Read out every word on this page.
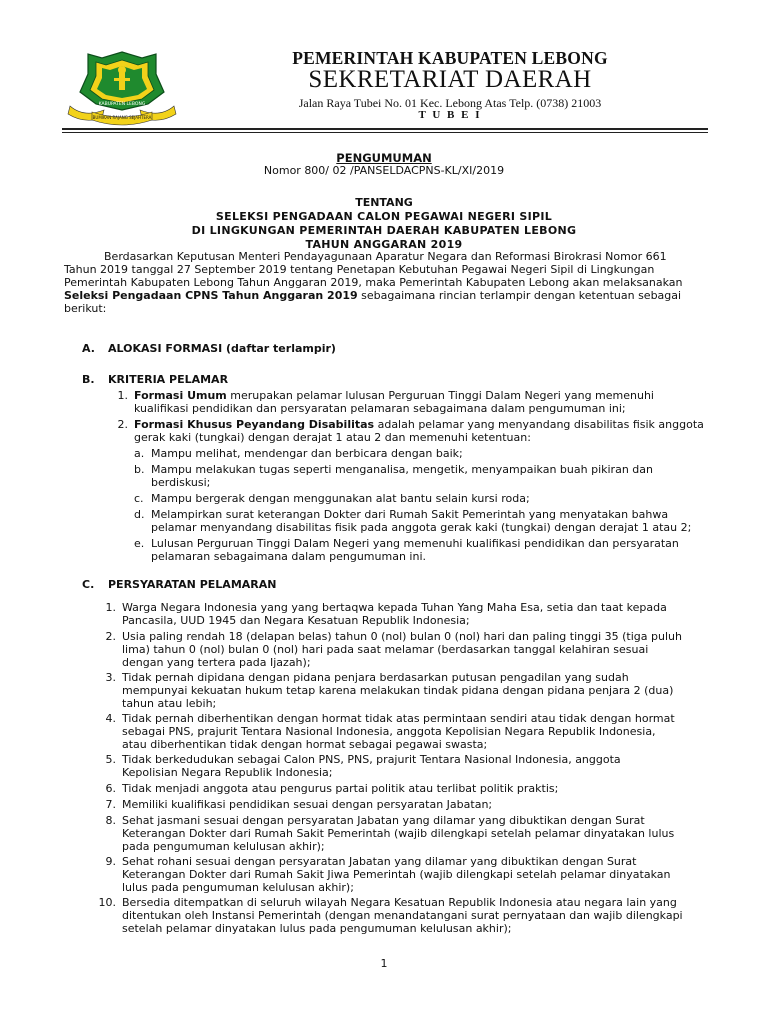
KABUPATEN LEBONG
BUMIKAN RAJANG SEJAHTERA
PEMERINTAH KABUPATEN LEBONG
SEKRETARIAT DAERAH
Jalan Raya Tubei No. 01 Kec. Lebong Atas Telp. (0738) 21003
T U B E I
PENGUMUMAN
Nomor 800/ 02 /PANSELDACPNS-KL/XI/2019
TENTANG
SELEKSI PENGADAAN CALON PEGAWAI NEGERI SIPIL
DI LINGKUNGAN PEMERINTAH DAERAH KABUPATEN LEBONG
TAHUN ANGGARAN 2019
Berdasarkan Keputusan Menteri Pendayagunaan Aparatur Negara dan Reformasi Birokrasi Nomor 661
Tahun 2019 tanggal 27 September 2019 tentang Penetapan Kebutuhan Pegawai Negeri Sipil di Lingkungan
Pemerintah Kabupaten Lebong Tahun Anggaran 2019, maka Pemerintah Kabupaten Lebong akan melaksanakan
Seleksi Pengadaan CPNS Tahun Anggaran 2019 sebagaimana rincian terlampir dengan ketentuan sebagai
berikut:
A. ALOKASI FORMASI (daftar terlampir)
B. KRITERIA PELAMAR
1. Formasi Umum merupakan pelamar lulusan Perguruan Tinggi Dalam Negeri yang memenuhi
kualifikasi pendidikan dan persyaratan pelamaran sebagaimana dalam pengumuman ini;
2. Formasi Khusus Peyandang Disabilitas adalah pelamar yang menyandang disabilitas fisik anggota
gerak kaki (tungkai) dengan derajat 1 atau 2 dan memenuhi ketentuan:
a. Mampu melihat, mendengar dan berbicara dengan baik;
b. Mampu melakukan tugas seperti menganalisa, mengetik, menyampaikan buah pikiran dan
berdiskusi;
c. Mampu bergerak dengan menggunakan alat bantu selain kursi roda;
d. Melampirkan surat keterangan Dokter dari Rumah Sakit Pemerintah yang menyatakan bahwa
pelamar menyandang disabilitas fisik pada anggota gerak kaki (tungkai) dengan derajat 1 atau 2;
e. Lulusan Perguruan Tinggi Dalam Negeri yang memenuhi kualifikasi pendidikan dan persyaratan
pelamaran sebagaimana dalam pengumuman ini.
C. PERSYARATAN PELAMARAN
1. Warga Negara Indonesia yang yang bertaqwa kepada Tuhan Yang Maha Esa, setia dan taat kepada
Pancasila, UUD 1945 dan Negara Kesatuan Republik Indonesia;
2. Usia paling rendah 18 (delapan belas) tahun 0 (nol) bulan 0 (nol) hari dan paling tinggi 35 (tiga puluh
lima) tahun 0 (nol) bulan 0 (nol) hari pada saat melamar (berdasarkan tanggal kelahiran sesuai
dengan yang tertera pada Ijazah);
3. Tidak pernah dipidana dengan pidana penjara berdasarkan putusan pengadilan yang sudah
mempunyai kekuatan hukum tetap karena melakukan tindak pidana dengan pidana penjara 2 (dua)
tahun atau lebih;
4. Tidak pernah diberhentikan dengan hormat tidak atas permintaan sendiri atau tidak dengan hormat
sebagai PNS, prajurit Tentara Nasional Indonesia, anggota Kepolisian Negara Republik Indonesia,
atau diberhentikan tidak dengan hormat sebagai pegawai swasta;
5. Tidak berkedudukan sebagai Calon PNS, PNS, prajurit Tentara Nasional Indonesia, anggota
Kepolisian Negara Republik Indonesia;
6. Tidak menjadi anggota atau pengurus partai politik atau terlibat politik praktis;
7. Memiliki kualifikasi pendidikan sesuai dengan persyaratan Jabatan;
8. Sehat jasmani sesuai dengan persyaratan Jabatan yang dilamar yang dibuktikan dengan Surat
Keterangan Dokter dari Rumah Sakit Pemerintah (wajib dilengkapi setelah pelamar dinyatakan lulus
pada pengumuman kelulusan akhir);
9. Sehat rohani sesuai dengan persyaratan Jabatan yang dilamar yang dibuktikan dengan Surat
Keterangan Dokter dari Rumah Sakit Jiwa Pemerintah (wajib dilengkapi setelah pelamar dinyatakan
lulus pada pengumuman kelulusan akhir);
10. Bersedia ditempatkan di seluruh wilayah Negara Kesatuan Republik Indonesia atau negara lain yang
ditentukan oleh Instansi Pemerintah (dengan menandatangani surat pernyataan dan wajib dilengkapi
setelah pelamar dinyatakan lulus pada pengumuman kelulusan akhir);
1
